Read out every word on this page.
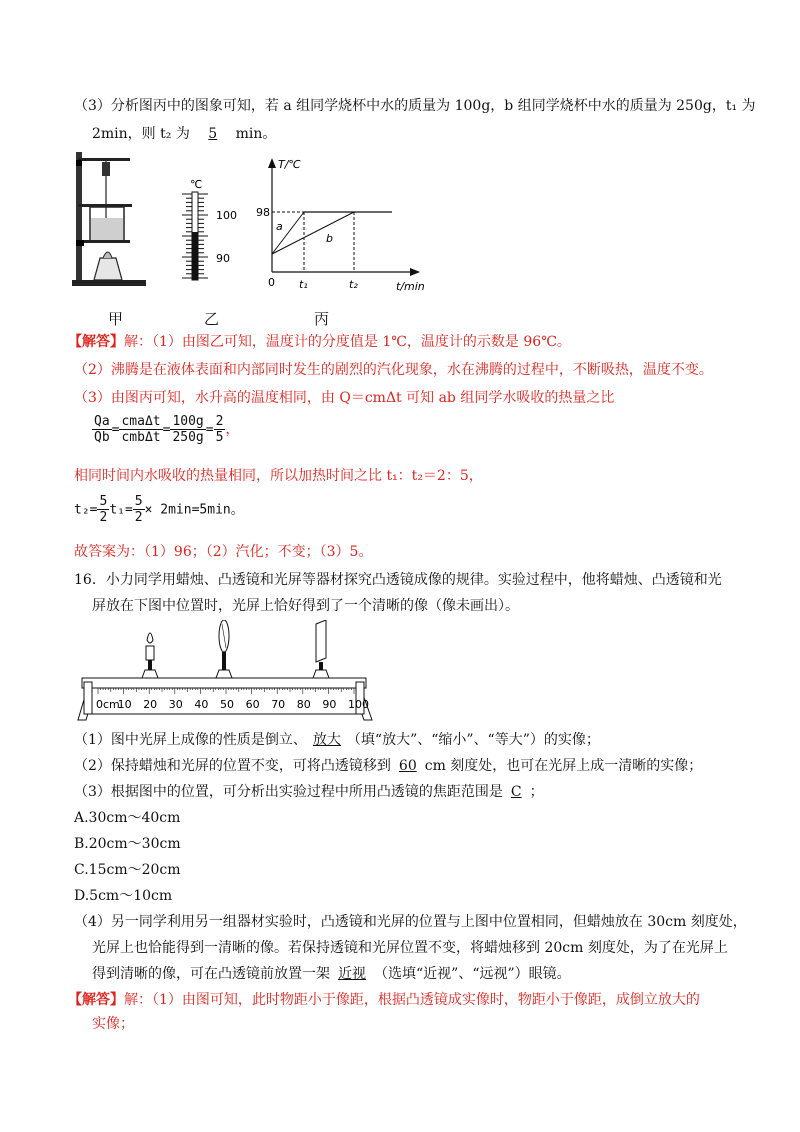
（3）分析图丙中的图象可知，若 a 组同学烧杯中水的质量为 100g，b 组同学烧杯中水的质量为 250g，t₁ 为
2min，则 t₂ 为 5 min。
甲
℃
100
90
乙
T/℃
98
a
b
0 t₁	t₂	t/min
丙
【解答】解：（1）由图乙可知，温度计的分度值是 1℃，温度计的示数是 96℃。
（2）沸腾是在液体表面和内部同时发生的剧烈的汽化现象，水在沸腾的过程中，不断吸热，温度不变。
（3）由图丙可知，水升高的温度相同，由 Q＝cmΔt 可知 ab 组同学水吸收的热量之比
$\frac{Qa}{Qb} = \frac{\text{cmaΔt}}{\text{cmbΔt}} = \frac{100g}{250g} = \frac{2}{5}$ ，
相同时间内水吸收的热量相同，所以加热时间之比 t₁：t₂＝2：5，
$t_2= \frac{5}{2} t_1= \frac{5}{2} \times 2\min=5\min$。
故答案为：（1）96；（2）汽化；不变；（3）5。
16．小力同学用蜡烛、凸透镜和光屏等器材探究凸透镜成像的规律。实验过程中，他将蜡烛、凸透镜和光
屏放在下图中位置时，光屏上恰好得到了一个清晰的像（像未画出）。
0cm
10 20 30 40 50 60 70 80 90 100
（1）图中光屏上成像的性质是倒立、 放大 （填“放大”、“缩小”、“等大”）的实像；
（2）保持蜡烛和光屏的位置不变，可将凸透镜移到 60 cm 刻度处，也可在光屏上成一清晰的实像；
（3）根据图中的位置，可分析出实验过程中所用凸透镜的焦距范围是 C ；
A.30cm～40cm
B.20cm～30cm
C.15cm～20cm
D.5cm～10cm
（4）另一同学利用另一组器材实验时，凸透镜和光屏的位置与上图中位置相同，但蜡烛放在 30cm 刻度处，
光屏上也恰能得到一清晰的像。若保持透镜和光屏位置不变，将蜡烛移到 20cm 刻度处，为了在光屏上
得到清晰的像，可在凸透镜前放置一架 近视 （选填“近视”、“远视”）眼镜。
【解答】解：（1）由图可知，此时物距小于像距，根据凸透镜成实像时，物距小于像距，成倒立放大的
实像；
